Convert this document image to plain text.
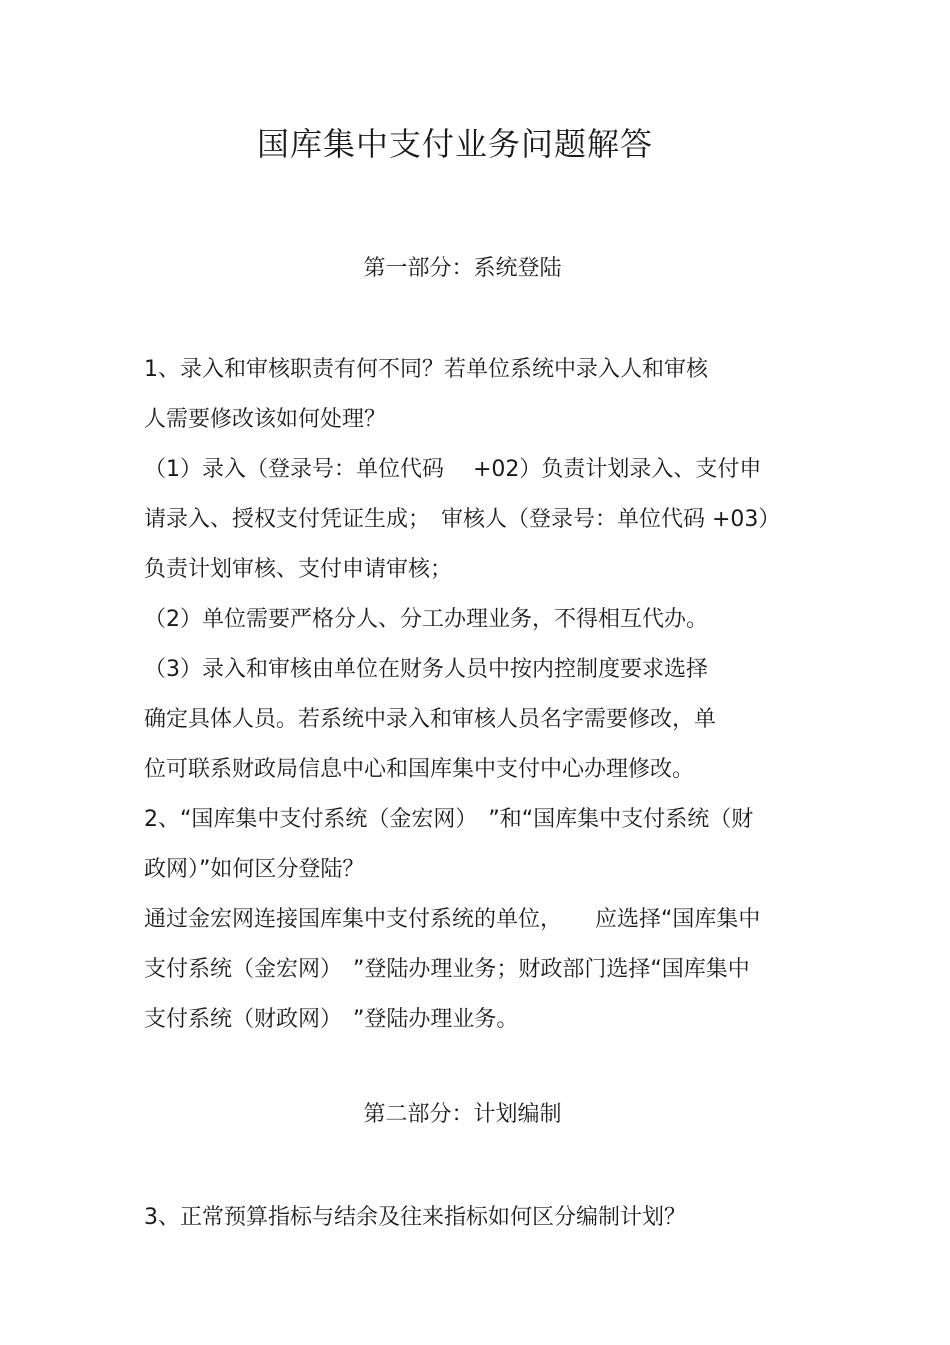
国库集中支付业务问题解答
第一部分：系统登陆
1、录入和审核职责有何不同？若单位系统中录入人和审核
人需要修改该如何处理？
（1）录入（登录号：单位代码　 +02）负责计划录入、支付申
请录入、授权支付凭证生成；　审核人（登录号：单位代码 +03）
负责计划审核、支付申请审核；
（2）单位需要严格分人、分工办理业务，不得相互代办。
（3）录入和审核由单位在财务人员中按内控制度要求选择
确定具体人员。若系统中录入和审核人员名字需要修改，单
位可联系财政局信息中心和国库集中支付中心办理修改。
2、“国库集中支付系统（金宏网）　”和“国库集中支付系统（财
政网）”如何区分登陆？
通过金宏网连接国库集中支付系统的单位，　　应选择“国库集中
支付系统（金宏网）　”登陆办理业务；财政部门选择“国库集中
支付系统（财政网）　”登陆办理业务。
第二部分：计划编制
3、正常预算指标与结余及往来指标如何区分编制计划？
